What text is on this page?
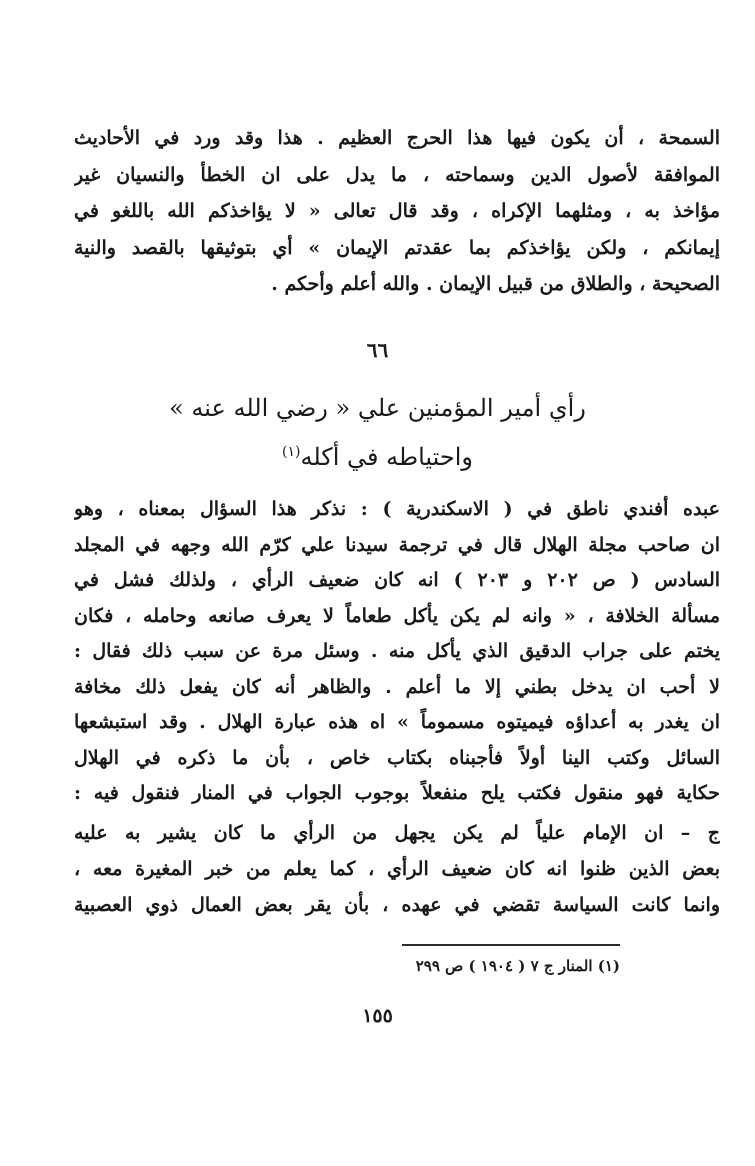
السمحة ، أن يكون فيها هذا الحرج العظيم . هذا وقد ورد في الأحاديث
الموافقة لأصول الدين وسماحته ، ما يدل على ان الخطأ والنسيان غير
مؤاخذ به ، ومثلهما الإكراه ، وقد قال تعالى « لا يؤاخذكم الله باللغو في
إيمانكم ، ولكن يؤاخذكم بما عقدتم الإيمان » أي بتوثيقها بالقصد والنية
الصحيحة ، والطلاق من قبيل الإيمان . والله أعلم وأحكم .
٦٦
رأي أمير المؤمنين علي « رضي الله عنه »
واحتياطه في أكله$^{(١)}$
عبده أفندي ناطق في ( الاسكندرية ) : نذكر هذا السؤال بمعناه ، وهو
ان صاحب مجلة الهلال قال في ترجمة سيدنا علي كرّم الله وجهه في المجلد
السادس ( ص ٢٠٢ و ٢٠٣ ) انه كان ضعيف الرأي ، ولذلك فشل في
مسألة الخلافة ، « وانه لم يكن يأكل طعاماً لا يعرف صانعه وحامله ، فكان
يختم على جراب الدقيق الذي يأكل منه . وسئل مرة عن سبب ذلك فقال :
لا أحب ان يدخل بطني إلا ما أعلم . والظاهر أنه كان يفعل ذلك مخافة
ان يغدر به أعداؤه فيميتوه مسموماً » اه هذه عبارة الهلال . وقد استبشعها
السائل وكتب الينا أولاً فأجبناه بكتاب خاص ، بأن ما ذكره في الهلال
حكاية فهو منقول فكتب يلح منفعلاً بوجوب الجواب في المنار فنقول فيه :
ج – ان الإمام علياً لم يكن يجهل من الرأي ما كان يشير به عليه
بعض الذين ظنوا انه كان ضعيف الرأي ، كما يعلم من خبر المغيرة معه ،
وانما كانت السياسة تقضي في عهده ، بأن يقر بعض العمال ذوي العصبية
(١) المنار ج ٧ ( ١٩٠٤ ) ص ٢٩٩
١٥٥
